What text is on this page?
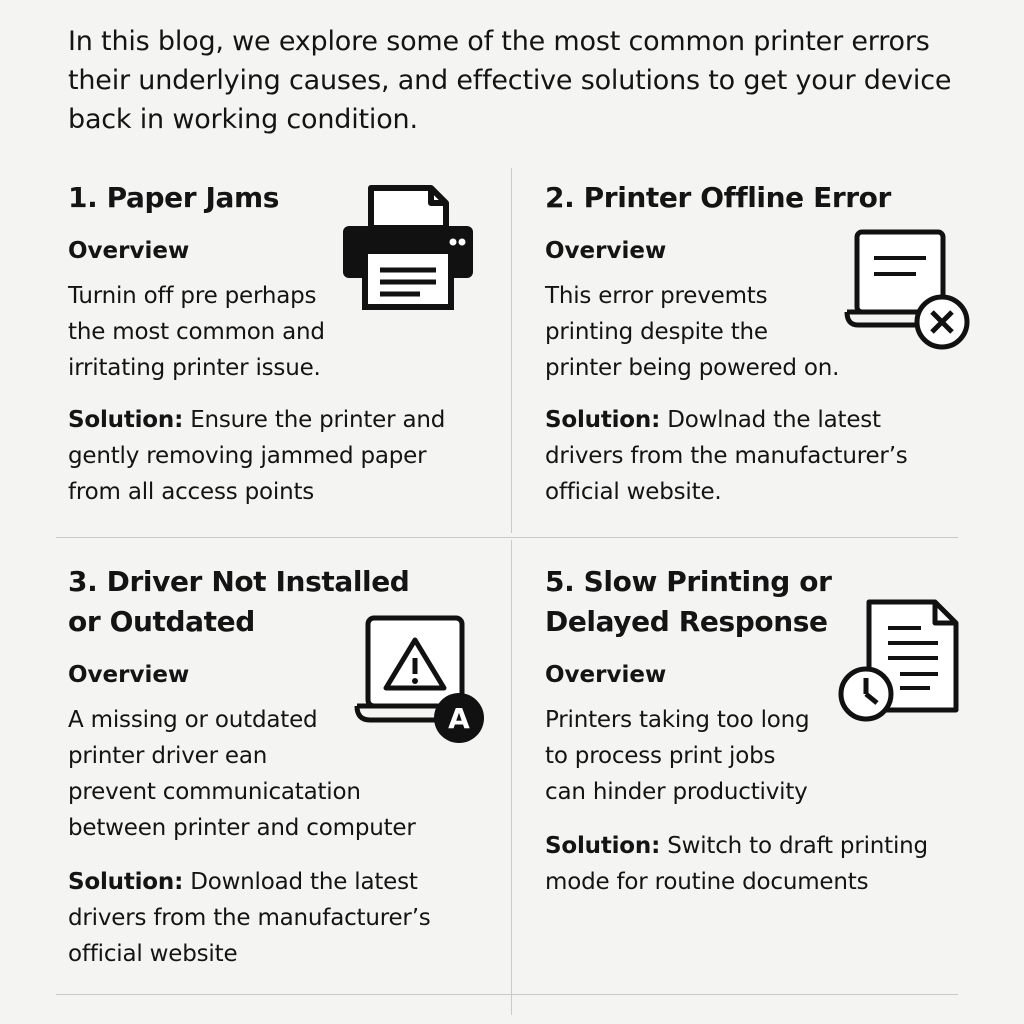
In this blog, we explore some of the most common printer errors their underlying causes, and effective solutions to get your device back in working condition.

1. Paper Jams

Overview

Turnin off pre perhaps
the most common and
irritating printer issue.

Solution: Ensure the printer and
gently removing jammed paper
from all access points

2. Printer Offline Error

Overview

This error prevemts
printing despite the
printer being powered on.

Solution: Dowlnad the latest
drivers from the manufacturer’s
official website.

3. Driver Not Installed
or Outdated

Overview

A missing or outdated
printer driver ean
prevent communicatation
between printer and computer

Solution: Download the latest
drivers from the manufacturer’s
official website

A
5. Slow Printing or
Delayed Response

Overview

Printers taking too long
to process print jobs
can hinder productivity

Solution: Switch to draft printing
mode for routine documents
